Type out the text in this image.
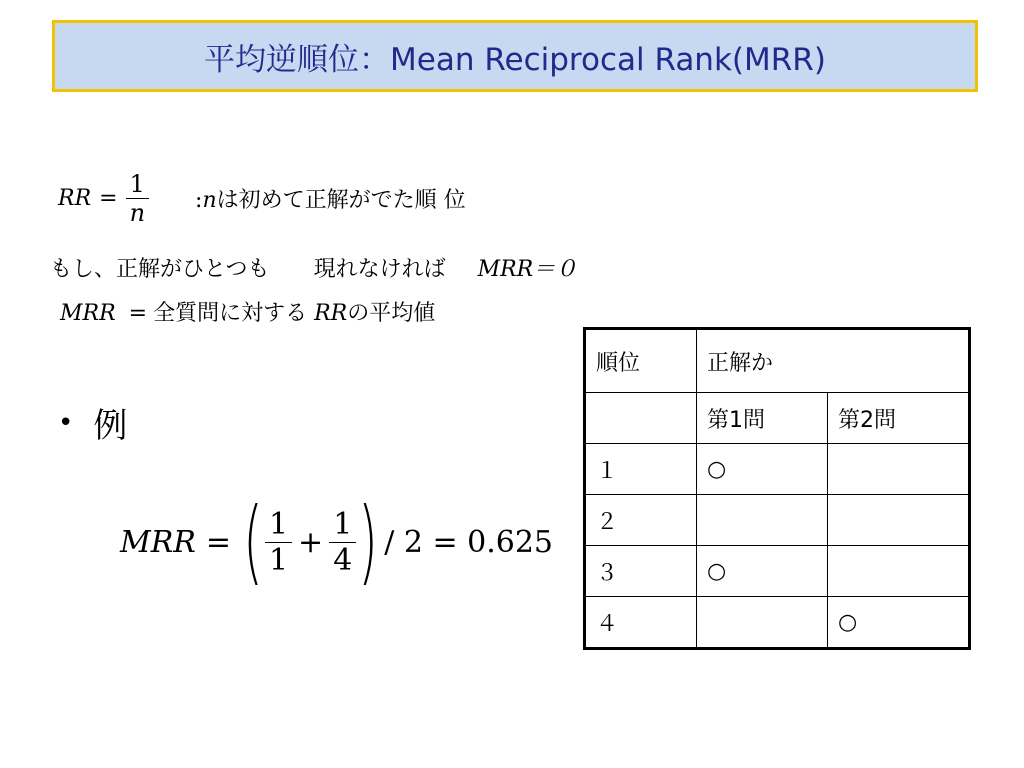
平均逆順位：Mean Reciprocal Rank(MRR)
RR = $\frac{1}{n}$ :nは初めて正解がでた順 位
もし、正解がひとつも 現れなければ MRR＝０
MRR = 全質問に対する RRの平均値
• 例
MRR = ( $\frac{1}{1} + \frac{1}{4}$ ) / 2 = 0.625
順位	正解か	
	第1問	第2問
１	○	
２		
３	○	
４		○
